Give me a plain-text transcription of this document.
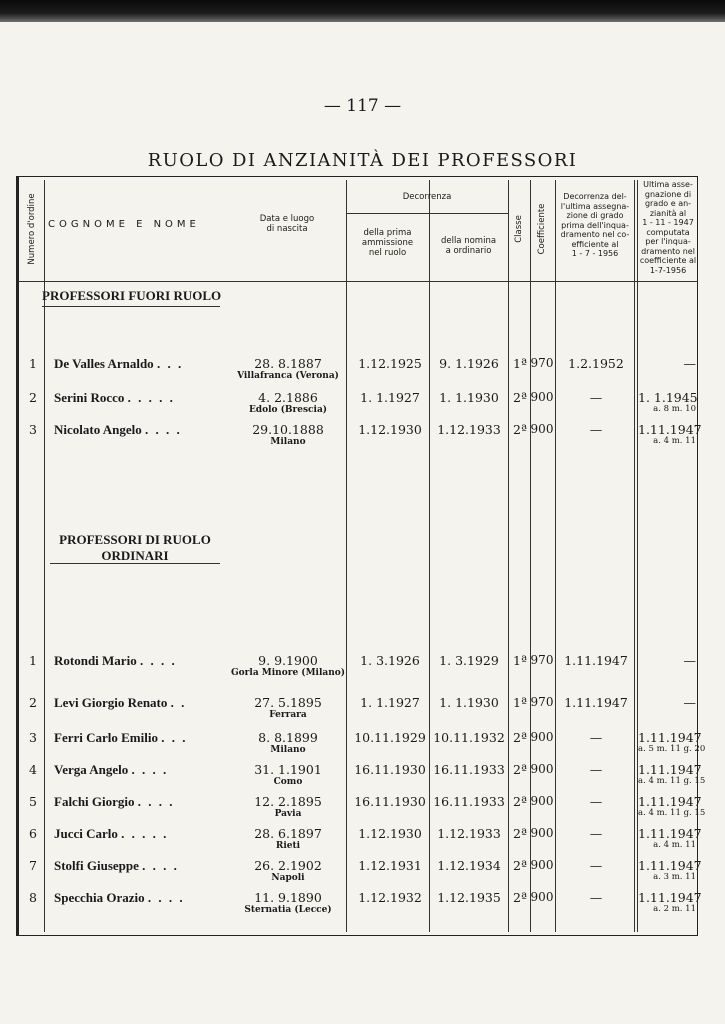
— 117 —
RUOLO DI ANZIANITÀ DEI PROFESSORI
Numero d'ordine COGNOME E NOME	Data e luogo
di nascita
Decorrenza
della prima
ammissione
nel ruolo
della nomina
a ordinario
Classe Coefficiente
Decorrenza del-
l'ultima assegna-
zione di grado
prima dell'inqua-
dramento nel co-
efficiente al
1 - 7 - 1956
Ultima asse-
gnazione di
grado e an-
zianità al
1 - 11 - 1947
computata
per l'inqua-
dramento nel
coefficiente al
1-7-1956
PROFESSORI FUORI RUOLO
PROFESSORI DI RUOLO
ORDINARI
1	De Valles Arnaldo . . .	28. 8.1887
Villafranca (Verona)
1.12.1925	9. 1.1926	1ª 970	1.2.1952	—
2	Serini Rocco . . . . .	4. 2.1886
Edolo (Brescia)
1. 1.1927	1. 1.1930	2ª 900	—	1. 1.1945
a. 8 m. 10
3	Nicolato Angelo . . . .	29.10.1888
Milano
1.12.1930	1.12.1933 2ª 900	—	1.11.1947
a. 4 m. 11
1	Rotondi Mario . . . .	9. 9.1900
Gorla Minore (Milano)
1. 3.1926	1. 3.1929	1ª 970 1.11.1947	—
2	Levi Giorgio Renato . .	27. 5.1895
Ferrara
1. 1.1927	1. 1.1930	1ª 970 1.11.1947	—
3	Ferri Carlo Emilio . . .	8. 8.1899
Milano
10.11.1929 10.11.1932 2ª 900	—	1.11.1947
a. 5 m. 11 g. 20
4	Verga Angelo . . . .	31. 1.1901
Como
16.11.1930 16.11.1933 2ª 900	—	1.11.1947
a. 4 m. 11 g. 15
5	Falchi Giorgio . . . .	12. 2.1895
Pavia
16.11.1930 16.11.1933 2ª 900	—	1.11.1947
a. 4 m. 11 g. 15
6	Jucci Carlo . . . . .	28. 6.1897
Rieti
1.12.1930	1.12.1933 2ª 900	—	1.11.1947
a. 4 m. 11
7	Stolfi Giuseppe . . . .	26. 2.1902
Napoli
1.12.1931	1.12.1934 2ª 900	—	1.11.1947
a. 3 m. 11
8	Specchia Orazio . . . .	11. 9.1890
Sternatia (Lecce)
1.12.1932	1.12.1935 2ª 900	—	1.11.1947
a. 2 m. 11
